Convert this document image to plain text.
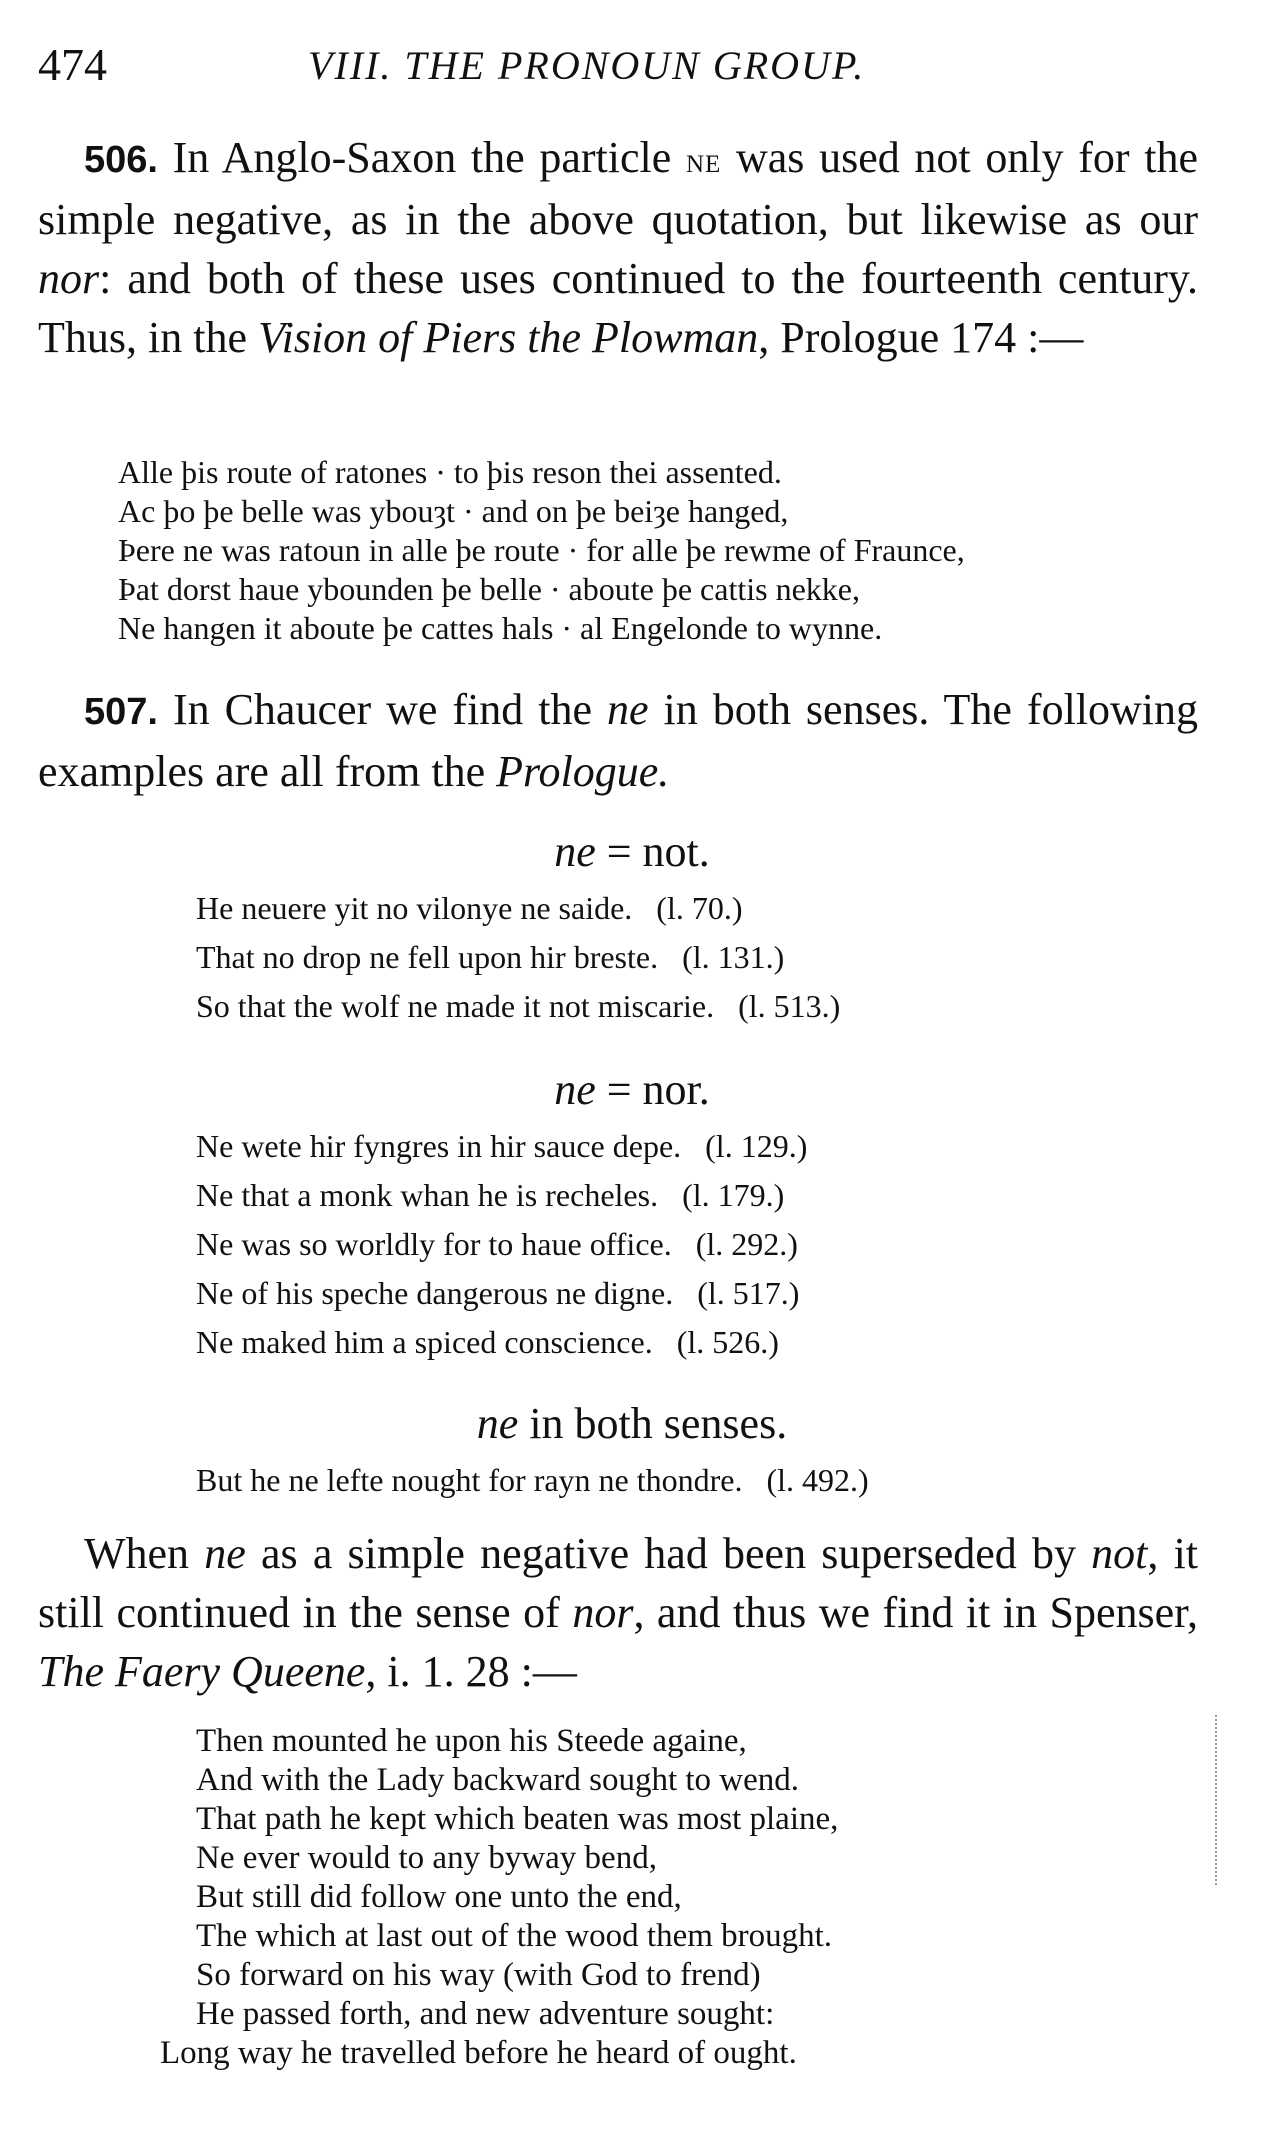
474	VIII. THE PRONOUN GROUP.
506. In Anglo-Saxon the particle ne was used not only for the simple negative, as in the above quotation, but likewise as our nor: and both of these uses continued to the fourteenth century. Thus, in the Vision of Piers the Plowman, Prologue 174 :—
Alle þis route of ratones · to þis reson thei assented.
Ac þo þe belle was ybouȝt · and on þe beiȝe hanged,
Þere ne was ratoun in alle þe route · for alle þe rewme of Fraunce,
Þat dorst haue ybounden þe belle · aboute þe cattis nekke,
Ne hangen it aboute þe cattes hals · al Engelonde to wynne.
507. In Chaucer we find the ne in both senses. The following examples are all from the Prologue.
ne = not.
He neuere yit no vilonye ne saide.   (l. 70.)
That no drop ne fell upon hir breste.   (l. 131.)
So that the wolf ne made it not miscarie.   (l. 513.)
ne = nor.
Ne wete hir fyngres in hir sauce depe.   (l. 129.)
Ne that a monk whan he is recheles.   (l. 179.)
Ne was so worldly for to haue office.   (l. 292.)
Ne of his speche dangerous ne digne.   (l. 517.)
Ne maked him a spiced conscience.   (l. 526.)
ne in both senses.
But he ne lefte nought for rayn ne thondre.   (l. 492.)
When ne as a simple negative had been superseded by not, it still continued in the sense of nor, and thus we find it in Spenser, The Faery Queene, i. 1. 28 :—
Then mounted he upon his Steede againe,
And with the Lady backward sought to wend.
That path he kept which beaten was most plaine,
Ne ever would to any byway bend,
But still did follow one unto the end,
The which at last out of the wood them brought.
So forward on his way (with God to frend)
He passed forth, and new adventure sought:
Long way he travelled before he heard of ought.
